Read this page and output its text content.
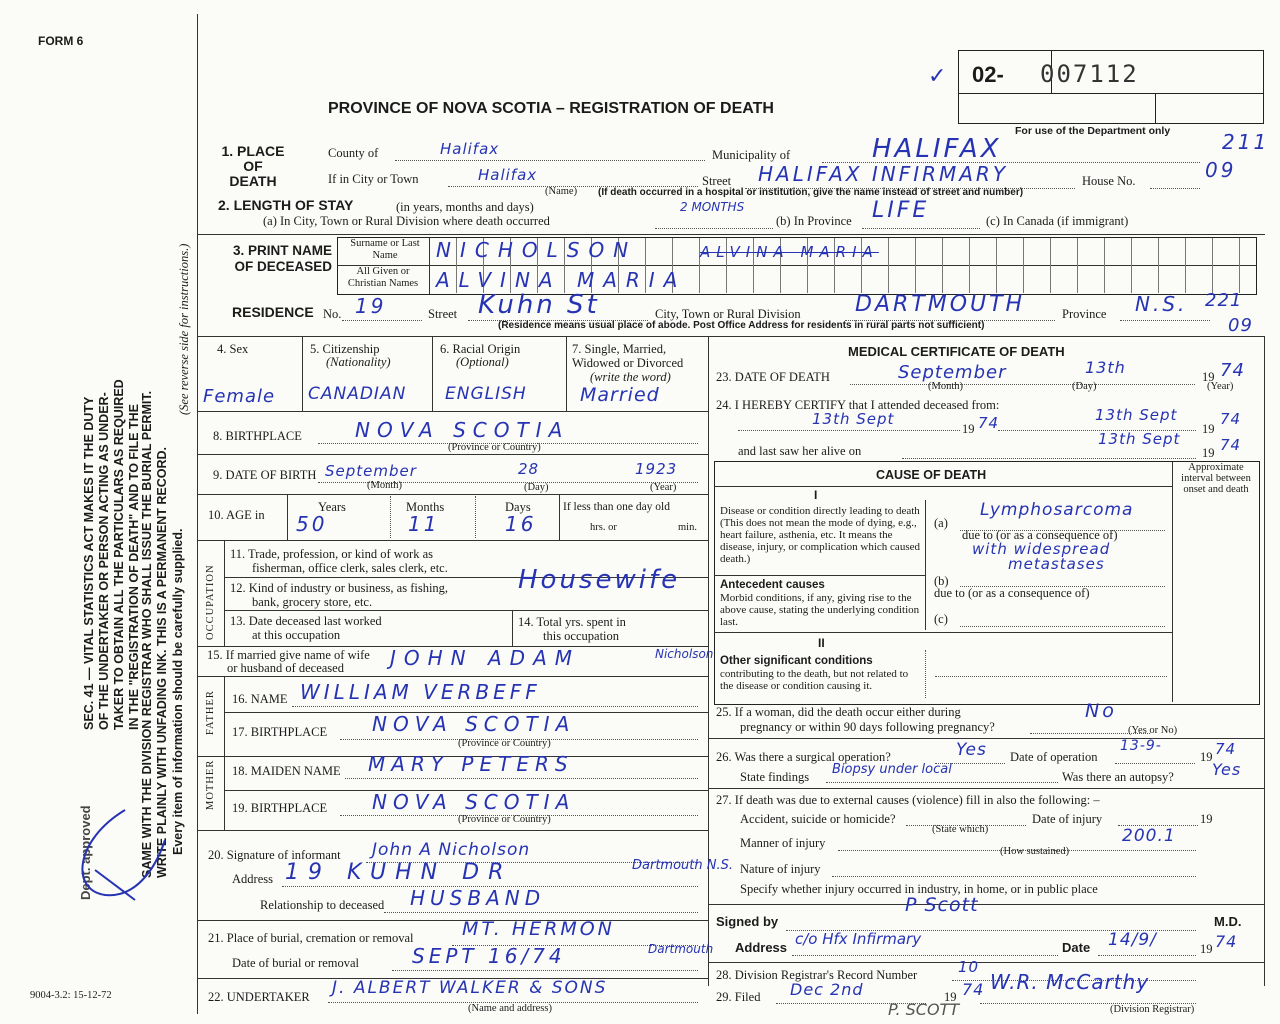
FORM 6
Dept. approved
SEC. 41 — VITAL STATISTICS ACT MAKES IT THE DUTY OF THE UNDERTAKER OR PERSON ACTING AS UNDER- TAKER TO OBTAIN ALL THE PARTICULARS AS REQUIRED IN THE "REGISTRATION OF DEATH" AND TO FILE THE SAME WITH THE DIVISION REGISTRAR WHO SHALL ISSUE THE BURIAL PERMIT. WRITE PLAINLY WITH UNFADING INK. THIS IS A PERMANENT RECORD. Every item of information should be carefully supplied.
(See reverse side for instructions.)
9004-3.2: 15-12-72
PROVINCE OF NOVA SCOTIA – REGISTRATION OF DEATH
✓ 02- 007112
For use of the Department only
1. PLACE OF DEATH
County of	Halifax	Municipality of	HALIFAX	211
If in City or Town	Halifax
(Name)
Street HALIFAX INFIRMARY	House No.	09
(If death occurred in a hospital or institution, give the name instead of street and number)
2. LENGTH OF STAY	(in years, months and days)
(a) In City, Town or Rural Division where death occurred
2 MONTHS
(b) In Province LIFE	(c) In Canada (if immigrant)
3. PRINT NAME OF DECEASED
Surname or Last Name
All Given or Christian Names
NICHOLSON	ALVINA MARIA
ALVINA MARIA
RESIDENCE No. 19	Street Kuhn St	City, Town or Rural Division DARTMOUTH	Province N.S. 221
09
(Residence means usual place of abode. Post Office Address for residents in rural parts not sufficient)
4. Sex
Female
5. Citizenship
(Nationality)
CANADIAN
6. Racial Origin
(Optional)
ENGLISH
7. Single, Married, Widowed or Divorced
(write the word)
Married
8. BIRTHPLACE	NOVA SCOTIA
(Province or Country)
9. DATE OF BIRTH September	28	1923
(Month)	(Day)	(Year)
10. AGE in
Years
50
Months
11
Days
16
If less than one day old
hrs. or	min.
OCCUPATION
11. Trade, profession, or kind of work as
fisherman, office clerk, sales clerk, etc.
12. Kind of industry or business, as fishing,
bank, grocery store, etc.
Housewife
13. Date deceased last worked
at this occupation
14. Total yrs. spent in
this occupation
15. If married give name of wife
or husband of deceased JOHN ADAM	Nicholson
FATHER 16. NAME WILLIAM VERBEFF
17. BIRTHPLACE NOVA SCOTIA
(Province or Country)
MOTHER 18. MAIDEN NAME MARY PETERS
19. BIRTHPLACE NOVA SCOTIA
(Province or Country)
20. Signature of informant John A Nicholson
Address 19 KUHN DR	Dartmouth N.S.
Relationship to deceased HUSBAND
21. Place of burial, cremation or removal	MT. HERMON
Dartmouth
Date of burial or removal	SEPT 16/74
22. UNDERTAKER J. ALBERT WALKER & SONS
(Name and address)
MEDICAL CERTIFICATE OF DEATH
23. DATE OF DEATH	September	13th	19 74
(Month)	(Day)	(Year)
24. I HEREBY CERTIFY that I attended deceased from:
13th Sept
19 74	13th Sept
19
74
and last saw her alive on
13th Sept
19 74
CAUSE OF DEATH
Approximate interval between onset and death
I
Disease or condition directly leading to death (This does not mean the mode of dying, e.g., heart failure, asthenia, etc. It means the disease, injury, or complication which caused death.)
(a)
Lymphosarcoma
due to (or as a consequence of)
with widespread
metastases
(b)
Antecedent causes
Morbid conditions, if any, giving rise to the above cause, stating the underlying condition last.
due to (or as a consequence of)
(c)
II
Other significant conditions
contributing to the death, but not related to the disease or condition causing it.
25. If a woman, did the death occur either during
pregnancy or within 90 days following pregnancy?
No
(Yes or No)
26. Was there a surgical operation?	Yes Date of operation
13-9-
19 74
State findings Biopsy under local	Was there an autopsy? Yes
27. If death was due to external causes (violence) fill in also the following: –
Accident, suicide or homicide?
(State which)
Date of injury	19
Manner of injury
(How sustained)
200.1
Nature of injury
Specify whether injury occurred in industry, in home, or in public place
Signed by
P Scott
M.D.
Address c/o Hfx Infirmary	Date 14/9/	19 74
28. Division Registrar's Record Number	10
29. Filed Dec 2nd	19 74 W.R. McCarthy
(Division Registrar)
P. SCOTT
